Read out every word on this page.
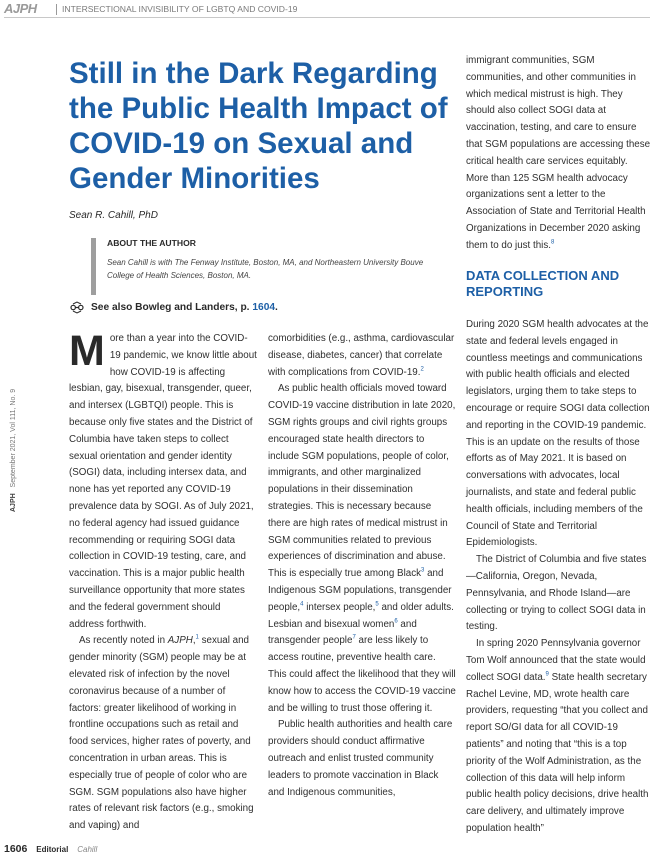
AJPH	INTERSECTIONAL INVISIBILITY OF LGBTQ AND COVID-19
Still in the Dark Regarding the Public Health Impact of COVID-19 on Sexual and Gender Minorities
Sean R. Cahill, PhD
ABOUT THE AUTHOR
Sean Cahill is with The Fenway Institute, Boston, MA, and Northeastern University Bouve College of Health Sciences, Boston, MA.
See also Bowleg and Landers, p.
1604 .
AJPH   September 2021, Vol 111, No. 9

More than a year into the COVID-19 pandemic, we know little about how COVID-19 is affecting lesbian, gay, bisexual, transgender, queer, and intersex (LGBTQI) people. This is because only five states and the District of Columbia have taken steps to collect sexual orientation and gender identity (SOGI) data, including intersex data, and none has yet reported any COVID-19 prevalence data by SOGI. As of July 2021, no federal agency had issued guidance recommending or requiring SOGI data collection in COVID-19 testing, care, and vaccination. This is a major public health surveillance opportunity that more states and the federal government should address forthwith.

As recently noted in AJPH,$^1$ sexual and gender minority (SGM) people may be at elevated risk of infection by the novel coronavirus because of a number of factors: greater likelihood of working in frontline occupations such as retail and food services, higher rates of poverty, and concentration in urban areas. This is especially true of people of color who are SGM. SGM populations also have higher rates of relevant risk factors (e.g., smoking and vaping) and

comorbidities (e.g., asthma, cardiovascular disease, diabetes, cancer) that correlate with complications from COVID-19.$^2$

As public health officials moved toward COVID-19 vaccine distribution in late 2020, SGM rights groups and civil rights groups encouraged state health directors to include SGM populations, people of color, immigrants, and other marginalized populations in their dissemination strategies. This is necessary because there are high rates of medical mistrust in SGM communities related to previous experiences of discrimination and abuse. This is especially true among Black$^3$ and Indigenous SGM populations, transgender people,$^4$ intersex people,$^5$ and older adults. Lesbian and bisexual women$^6$ and transgender people$^7$ are less likely to access routine, preventive health care. This could affect the likelihood that they will know how to access the COVID-19 vaccine and be willing to trust those offering it.

Public health authorities and health care providers should conduct affirmative outreach and enlist trusted community leaders to promote vaccination in Black and Indigenous communities,

immigrant communities, SGM communities, and other communities in which medical mistrust is high. They should also collect SOGI data at vaccination, testing, and care to ensure that SGM populations are accessing these critical health care services equitably. More than 125 SGM health advocacy organizations sent a letter to the Association of State and Territorial Health Organizations in December 2020 asking them to do just this.$^8$

DATA COLLECTION AND REPORTING

During 2020 SGM health advocates at the state and federal levels engaged in countless meetings and communications with public health officials and elected legislators, urging them to take steps to encourage or require SOGI data collection and reporting in the COVID-19 pandemic. This is an update on the results of those efforts as of May 2021. It is based on conversations with advocates, local journalists, and state and federal public health officials, including members of the Council of State and Territorial Epidemiologists.

The District of Columbia and five states—California, Oregon, Nevada, Pennsylvania, and Rhode Island—are collecting or trying to collect SOGI data in testing.

In spring 2020 Pennsylvania governor Tom Wolf announced that the state would collect SOGI data.$^9$ State health secretary Rachel Levine, MD, wrote health care providers, requesting “that you collect and report SO/GI data for all COVID-19 patients” and noting that “this is a top priority of the Wolf Administration, as the collection of this data will help inform public health policy decisions, drive health care delivery, and ultimately improve population health”

1606 Editorial Cahill
